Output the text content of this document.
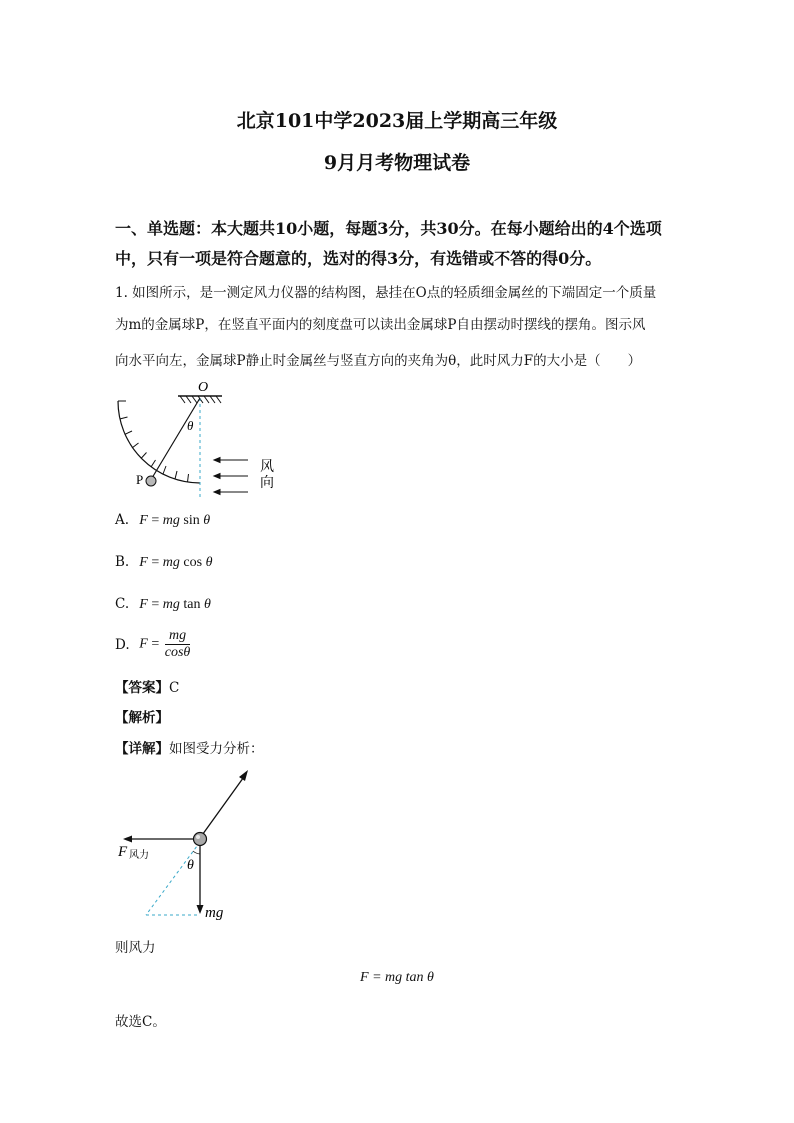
北京101中学2023届上学期高三年级
9月月考物理试卷
一、单选题：本大题共10小题，每题3分，共30分。在每小题给出的4个选项
中，只有一项是符合题意的，选对的得3分，有选错或不答的得0分。
1. 如图所示，是一测定风力仪器的结构图，悬挂在O点的轻质细金属丝的下端固定一个质量
为m的金属球P，在竖直平面内的刻度盘可以读出金属球P自由摆动时摆线的摆角。图示风
向水平向左，金属球P静止时金属丝与竖直方向的夹角为θ，此时风力F的大小是（　　）
O
θ
P
风
向
A. F = mg sin θ
B. F = mg cos θ
C. F = mg tan θ
D. $F = \frac{mg}{\cos\theta}$
【答案】C
【解析】
【详解】如图受力分析：
F 风力
θ
mg
则风力
F = mg tan θ
故选C。
